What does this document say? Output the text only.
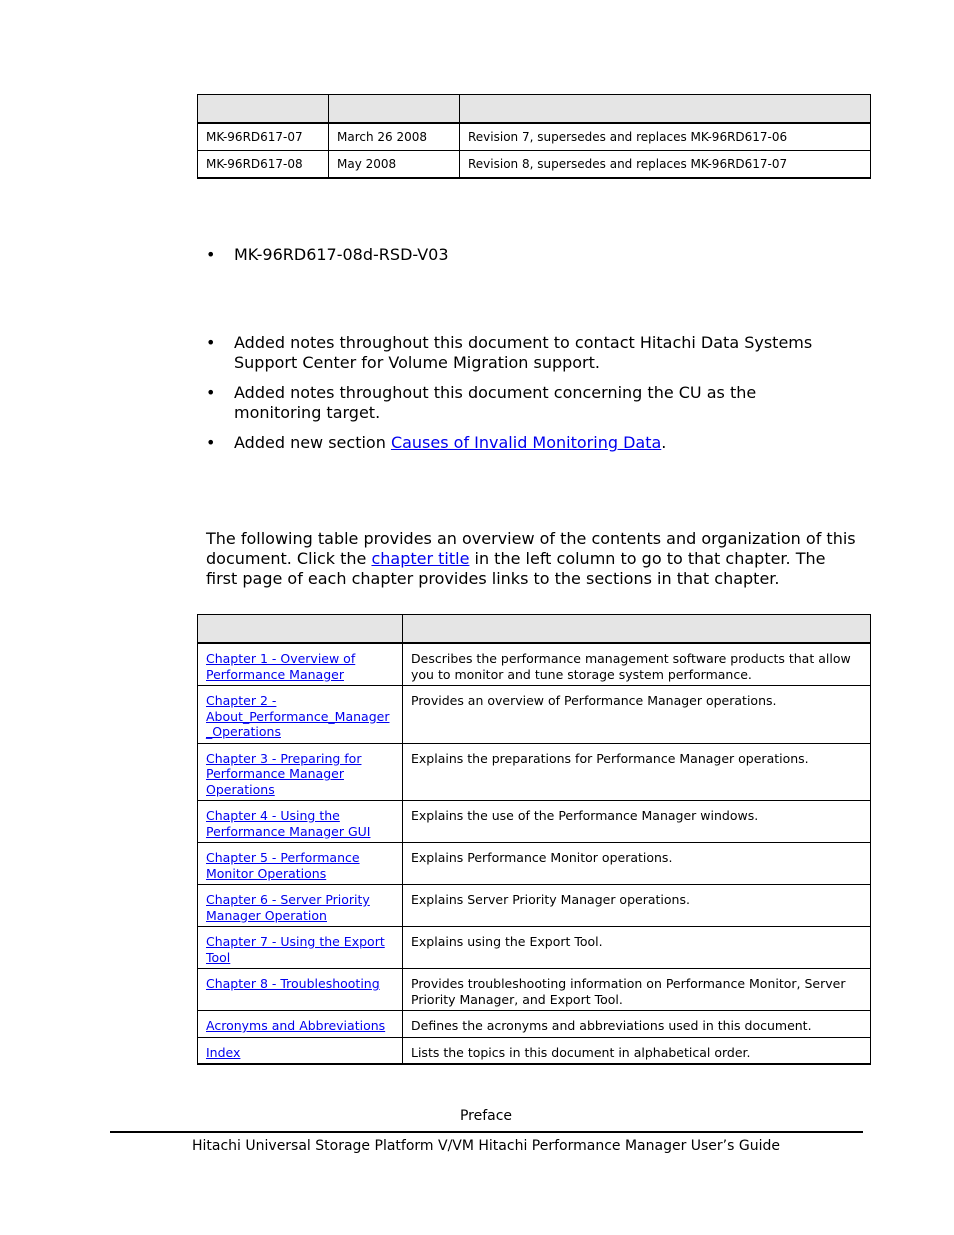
MK-96RD617-07	March 26 2008	Revision 7, supersedes and replaces MK-96RD617-06
MK-96RD617-08	May 2008	Revision 8, supersedes and replaces MK-96RD617-07
• MK-96RD617-08d-RSD-V03
• Added notes throughout this document to contact Hitachi Data Systems Support Center for Volume Migration support.
• Added notes throughout this document concerning the CU as the monitoring target.
• Added new section Causes of Invalid Monitoring Data.

The following table provides an overview of the contents and organization of this document. Click the chapter title in the left column to go to that chapter. The first page of each chapter provides links to the sections in that chapter.

Chapter 1 - Overview of Performance Manager	Describes the performance management software products that allow you to monitor and tune storage system performance.
Chapter 2 - About_Performance_Manager _Operations	Provides an overview of Performance Manager operations.
Chapter 3 - Preparing for Performance Manager Operations	Explains the preparations for Performance Manager operations.
Chapter 4 - Using the Performance Manager GUI	Explains the use of the Performance Manager windows.
Chapter 5 - Performance Monitor Operations	Explains Performance Monitor operations.
Chapter 6 - Server Priority Manager Operation	Explains Server Priority Manager operations.
Chapter 7 - Using the Export Tool	Explains using the Export Tool.
Chapter 8 - Troubleshooting	Provides troubleshooting information on Performance Monitor, Server Priority Manager, and Export Tool.
Acronyms and Abbreviations	Defines the acronyms and abbreviations used in this document.
Index	Lists the topics in this document in alphabetical order.
Preface
Hitachi Universal Storage Platform V/VM Hitachi Performance Manager User’s Guide
